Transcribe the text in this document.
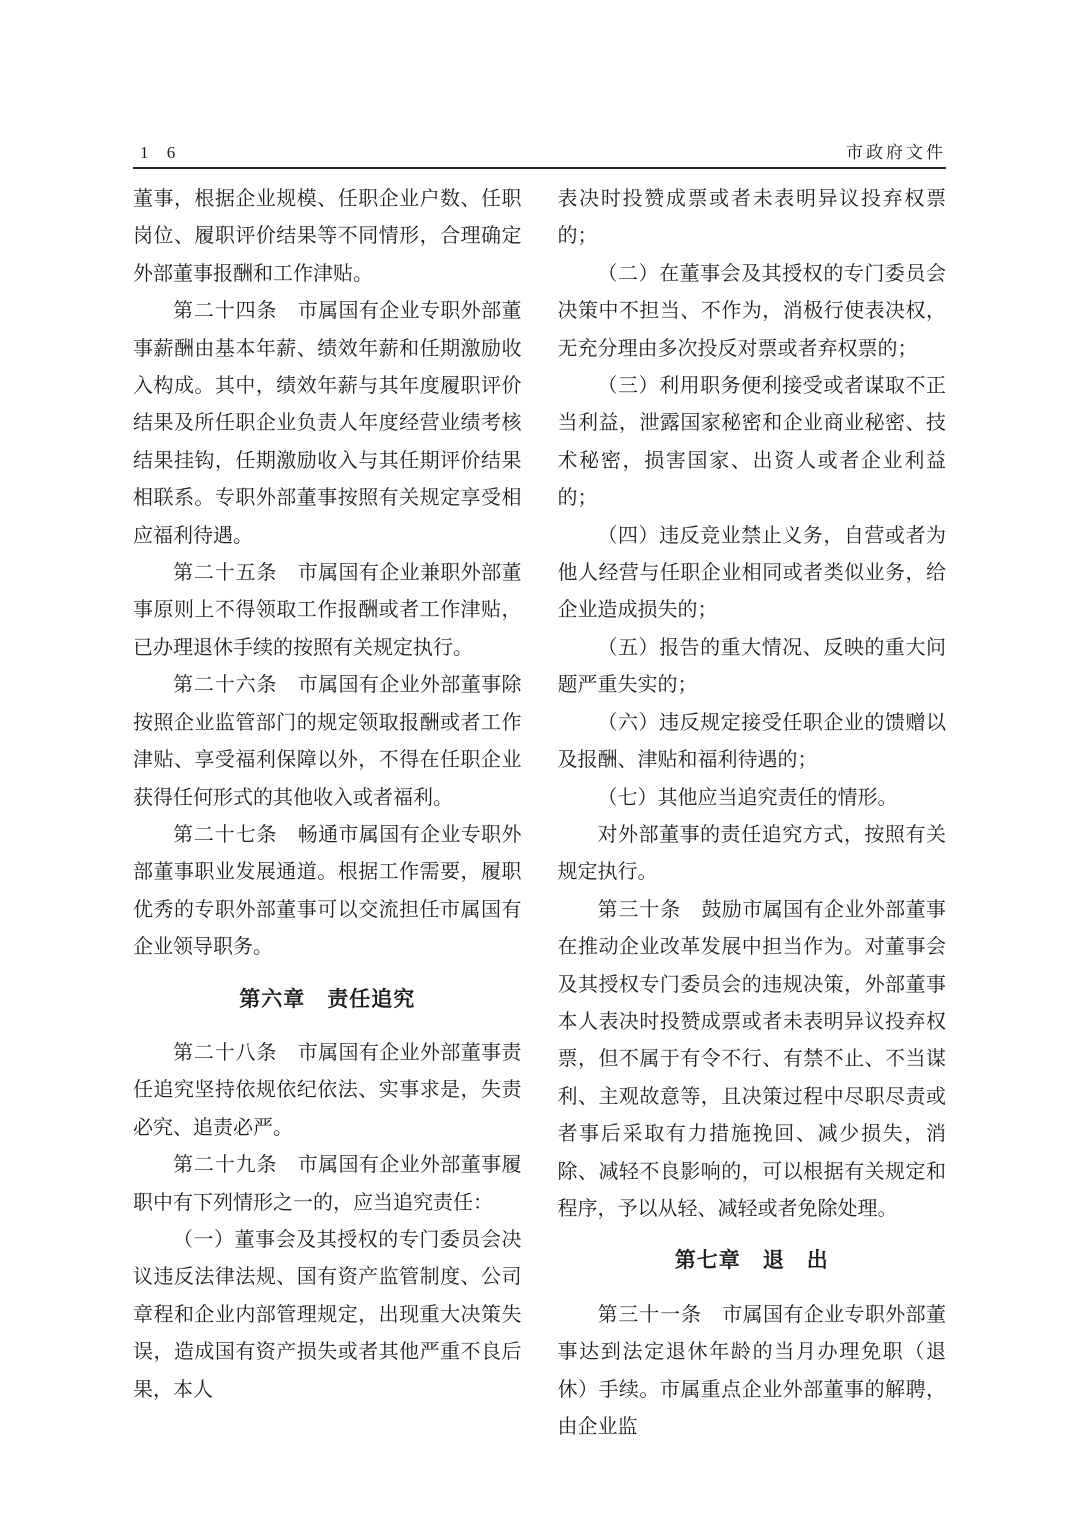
1 6	市政府文件

董事，根据企业规模、任职企业户数、任职岗位、履职评价结果等不同情形，合理确定外部董事报酬和工作津贴。

第二十四条　市属国有企业专职外部董事薪酬由基本年薪、绩效年薪和任期激励收入构成。其中，绩效年薪与其年度履职评价结果及所任职企业负责人年度经营业绩考核结果挂钩，任期激励收入与其任期评价结果相联系。专职外部董事按照有关规定享受相应福利待遇。

第二十五条　市属国有企业兼职外部董事原则上不得领取工作报酬或者工作津贴，已办理退休手续的按照有关规定执行。

第二十六条　市属国有企业外部董事除按照企业监管部门的规定领取报酬或者工作津贴、享受福利保障以外，不得在任职企业获得任何形式的其他收入或者福利。

第二十七条　畅通市属国有企业专职外部董事职业发展通道。根据工作需要，履职优秀的专职外部董事可以交流担任市属国有企业领导职务。

第六章　责任追究

第二十八条　市属国有企业外部董事责任追究坚持依规依纪依法、实事求是，失责必究、追责必严。

第二十九条　市属国有企业外部董事履职中有下列情形之一的，应当追究责任：

（一）董事会及其授权的专门委员会决议违反法律法规、国有资产监管制度、公司章程和企业内部管理规定，出现重大决策失误，造成国有资产损失或者其他严重不良后果，本人

表决时投赞成票或者未表明异议投弃权票的；

（二）在董事会及其授权的专门委员会决策中不担当、不作为，消极行使表决权，无充分理由多次投反对票或者弃权票的；

（三）利用职务便利接受或者谋取不正当利益，泄露国家秘密和企业商业秘密、技术秘密，损害国家、出资人或者企业利益的；

（四）违反竞业禁止义务，自营或者为他人经营与任职企业相同或者类似业务，给企业造成损失的；

（五）报告的重大情况、反映的重大问题严重失实的；

（六）违反规定接受任职企业的馈赠以及报酬、津贴和福利待遇的；

（七）其他应当追究责任的情形。

对外部董事的责任追究方式，按照有关规定执行。

第三十条　鼓励市属国有企业外部董事在推动企业改革发展中担当作为。对董事会及其授权专门委员会的违规决策，外部董事本人表决时投赞成票或者未表明异议投弃权票，但不属于有令不行、有禁不止、不当谋利、主观故意等，且决策过程中尽职尽责或者事后采取有力措施挽回、减少损失，消除、减轻不良影响的，可以根据有关规定和程序，予以从轻、减轻或者免除处理。

第七章　退　出

第三十一条　市属国有企业专职外部董事达到法定退休年龄的当月办理免职（退休）手续。市属重点企业外部董事的解聘，由企业监
